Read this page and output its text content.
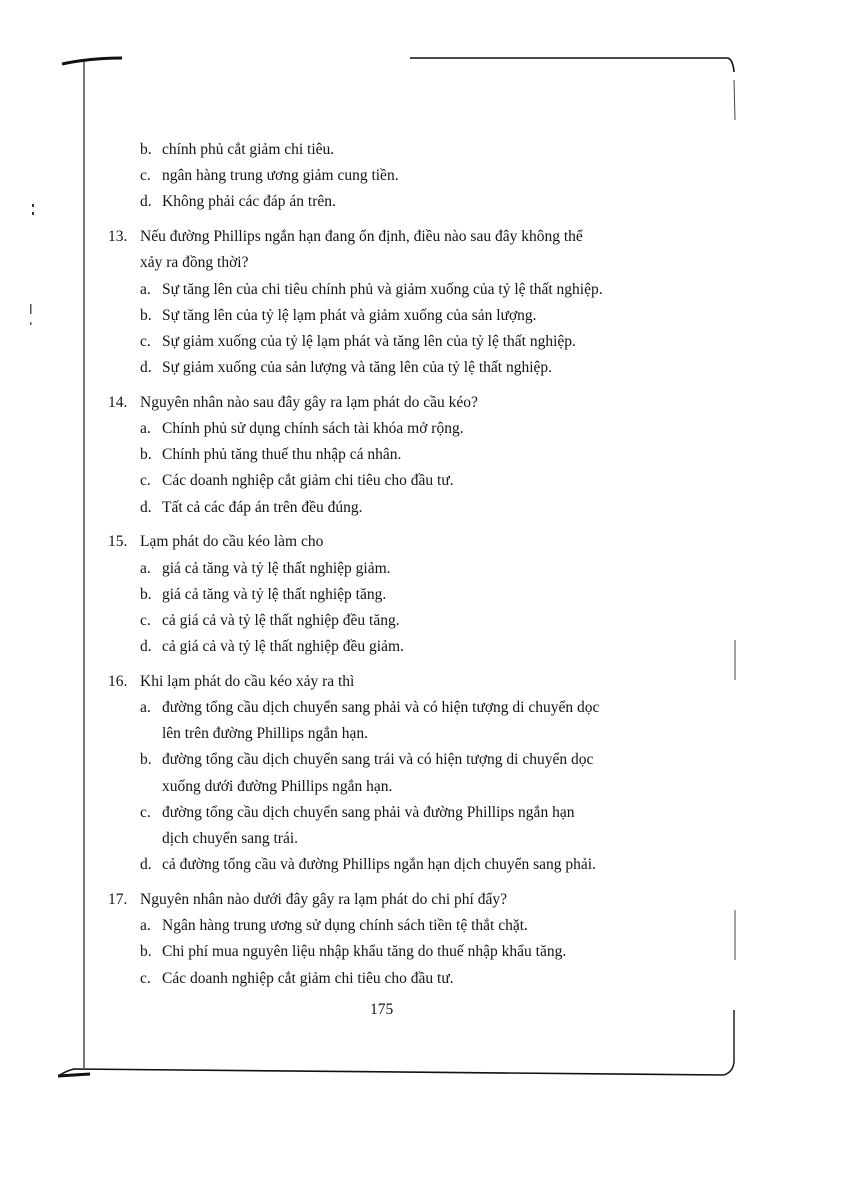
b. chính phủ cắt giảm chi tiêu.
c. ngân hàng trung ương giảm cung tiền.
d. Không phải các đáp án trên.
13. Nếu đường Phillips ngắn hạn đang ổn định, điều nào sau đây không thể
xảy ra đồng thời?
a. Sự tăng lên của chi tiêu chính phủ và giảm xuống của tỷ lệ thất nghiệp.
b. Sự tăng lên của tỷ lệ lạm phát và giảm xuống của sản lượng.
c. Sự giảm xuống của tỷ lệ lạm phát và tăng lên của tỷ lệ thất nghiệp.
d. Sự giảm xuống của sản lượng và tăng lên của tỷ lệ thất nghiệp.
14. Nguyên nhân nào sau đây gây ra lạm phát do cầu kéo?
a. Chính phủ sử dụng chính sách tài khóa mở rộng.
b. Chính phủ tăng thuế thu nhập cá nhân.
c. Các doanh nghiệp cắt giảm chi tiêu cho đầu tư.
d. Tất cả các đáp án trên đều đúng.
15. Lạm phát do cầu kéo làm cho
a. giá cả tăng và tỷ lệ thất nghiệp giảm.
b. giá cả tăng và tỷ lệ thất nghiệp tăng.
c. cả giá cả và tỷ lệ thất nghiệp đều tăng.
d. cả giá cả và tỷ lệ thất nghiệp đều giảm.
16. Khi lạm phát do cầu kéo xảy ra thì
a. đường tổng cầu dịch chuyển sang phải và có hiện tượng di chuyển dọc
lên trên đường Phillips ngắn hạn.
b. đường tổng cầu dịch chuyển sang trái và có hiện tượng di chuyển dọc
xuống dưới đường Phillips ngắn hạn.
c. đường tổng cầu dịch chuyển sang phải và đường Phillips ngắn hạn
dịch chuyển sang trái.
d. cả đường tổng cầu và đường Phillips ngắn hạn dịch chuyển sang phải.
17. Nguyên nhân nào dưới đây gây ra lạm phát do chi phí đẩy?
a. Ngân hàng trung ương sử dụng chính sách tiền tệ thắt chặt.
b. Chi phí mua nguyên liệu nhập khẩu tăng do thuế nhập khẩu tăng.
c. Các doanh nghiệp cắt giảm chi tiêu cho đầu tư.
175
